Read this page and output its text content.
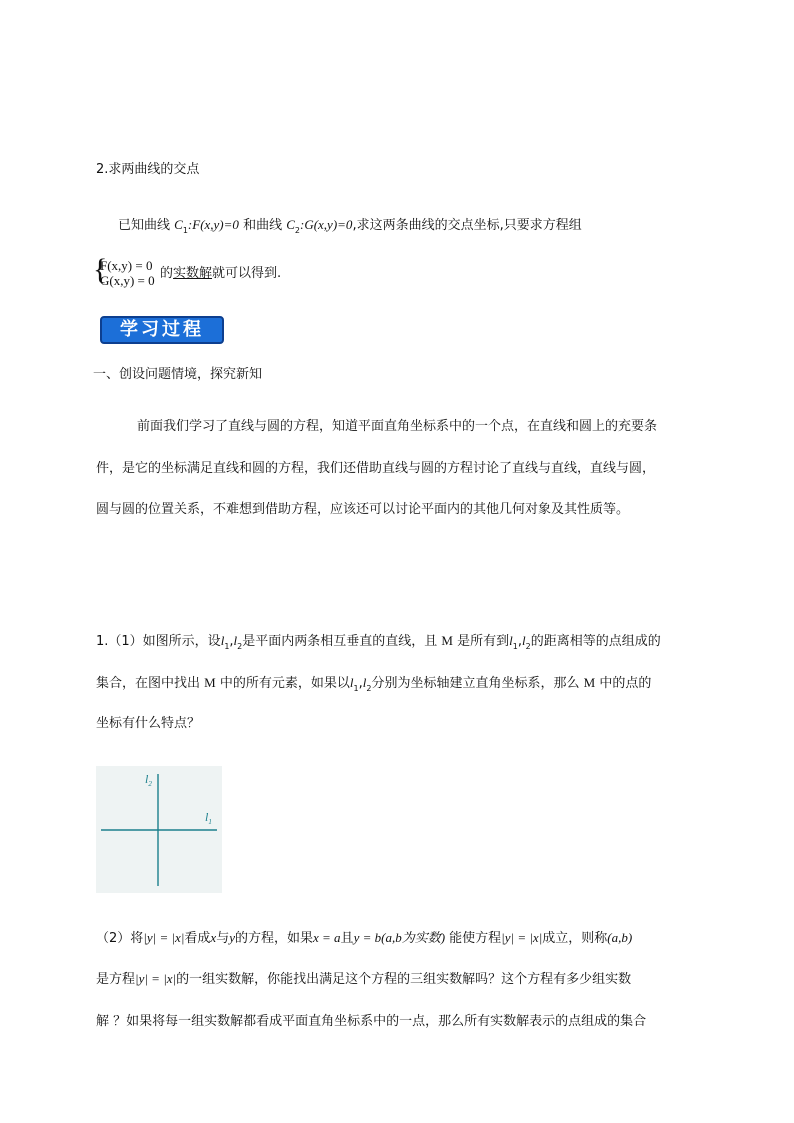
2.求两曲线的交点
已知曲线 $C_1:F(x,y)=0$ 和曲线 $C_2:G(x,y)=0$,求这两条曲线的交点坐标,只要求方程组
{
F(x,y) = 0
G(x,y) = 0 的实数解就可以得到.
学习过程
一、创设问题情境，探究新知
前面我们学习了直线与圆的方程，知道平面直角坐标系中的一个点，在直线和圆上的充要条
件，是它的坐标满足直线和圆的方程，我们还借助直线与圆的方程讨论了直线与直线，直线与圆，
圆与圆的位置关系，不难想到借助方程，应该还可以讨论平面内的其他几何对象及其性质等。
1.（1）如图所示，设$l_1,l_2$是平面内两条相互垂直的直线，且 M 是所有到$l_1,l_2$的距离相等的点组成的
集合，在图中找出 M 中的所有元素，如果以$l_1,l_2$分别为坐标轴建立直角坐标系，那么 M 中的点的
坐标有什么特点？
$l_1$
$l_2$
（2）将|y| = |x|看成x与y的方程，如果x = a且y = b(a,b为实数) 能使方程|y| = |x|成立，则称(a,b)
是方程|y| = |x|的一组实数解，你能找出满足这个方程的三组实数解吗？这个方程有多少组实数
解 ？如果将每一组实数解都看成平面直角坐标系中的一点，那么所有实数解表示的点组成的集合
